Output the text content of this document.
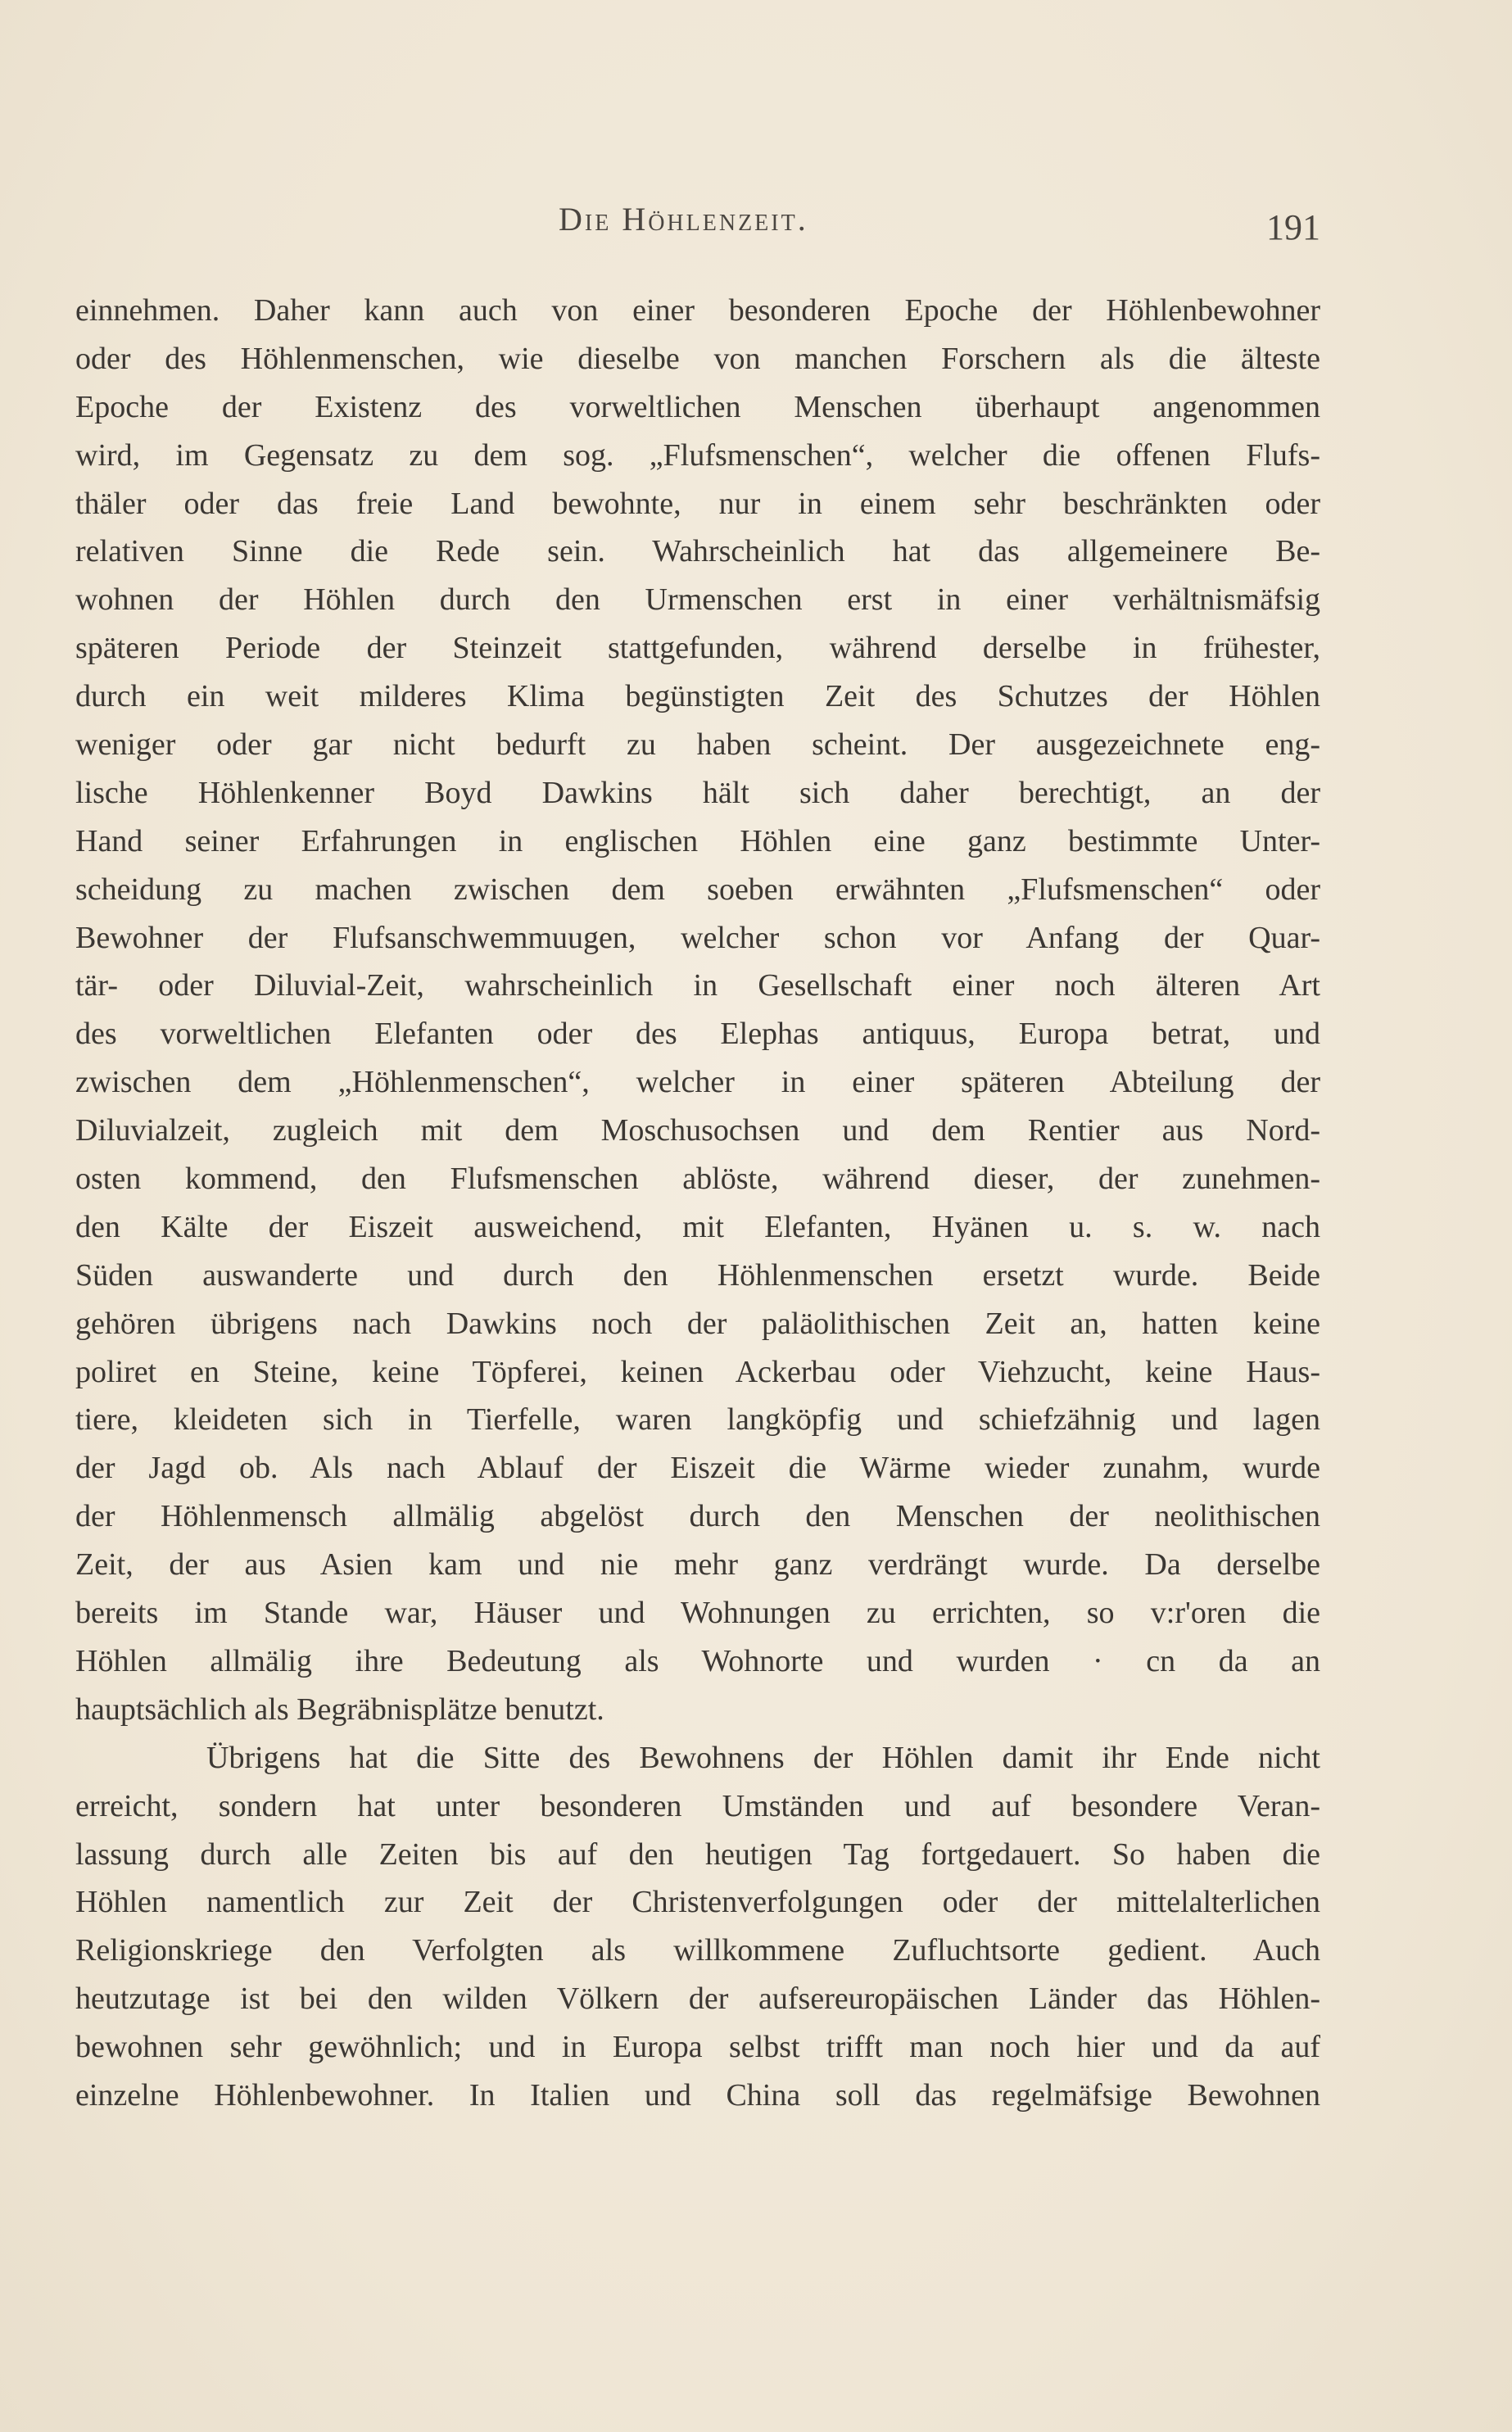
Die Höhlenzeit.	191
einnehmen. Daher kann auch von einer besonderen Epoche der Höhlenbewohner
oder des Höhlenmenschen, wie dieselbe von manchen Forschern als die älteste
Epoche der Existenz des vorweltlichen Menschen überhaupt angenommen
wird, im Gegensatz zu dem sog. „Flufsmenschen“, welcher die offenen Flufs-
thäler oder das freie Land bewohnte, nur in einem sehr beschränkten oder
relativen Sinne die Rede sein. Wahrscheinlich hat das allgemeinere Be-
wohnen der Höhlen durch den Urmenschen erst in einer verhältnismäfsig
späteren Periode der Steinzeit stattgefunden, während derselbe in frühester,
durch ein weit milderes Klima begünstigten Zeit des Schutzes der Höhlen
weniger oder gar nicht bedurft zu haben scheint. Der ausgezeichnete eng-
lische Höhlenkenner Boyd Dawkins hält sich daher berechtigt, an der
Hand seiner Erfahrungen in englischen Höhlen eine ganz bestimmte Unter-
scheidung zu machen zwischen dem soeben erwähnten „Flufsmenschen“ oder
Bewohner der Flufsanschwemmuugen, welcher schon vor Anfang der Quar-
tär- oder Diluvial-Zeit, wahrscheinlich in Gesellschaft einer noch älteren Art
des vorweltlichen Elefanten oder des Elephas antiquus, Europa betrat, und
zwischen dem „Höhlenmenschen“, welcher in einer späteren Abteilung der
Diluvialzeit, zugleich mit dem Moschusochsen und dem Rentier aus Nord-
osten kommend, den Flufsmenschen ablöste, während dieser, der zunehmen-
den Kälte der Eiszeit ausweichend, mit Elefanten, Hyänen u. s. w. nach
Süden auswanderte und durch den Höhlenmenschen ersetzt wurde. Beide
gehören übrigens nach Dawkins noch der paläolithischen Zeit an, hatten keine
poliret en Steine, keine Töpferei, keinen Ackerbau oder Viehzucht, keine Haus-
tiere, kleideten sich in Tierfelle, waren langköpfig und schiefzähnig und lagen
der Jagd ob. Als nach Ablauf der Eiszeit die Wärme wieder zunahm, wurde
der Höhlenmensch allmälig abgelöst durch den Menschen der neolithischen
Zeit, der aus Asien kam und nie mehr ganz verdrängt wurde. Da derselbe
bereits im Stande war, Häuser und Wohnungen zu errichten, so v:r'oren die
Höhlen allmälig ihre Bedeutung als Wohnorte und wurden · cn da an
hauptsächlich als Begräbnisplätze benutzt.
Übrigens hat die Sitte des Bewohnens der Höhlen damit ihr Ende nicht
erreicht, sondern hat unter besonderen Umständen und auf besondere Veran-
lassung durch alle Zeiten bis auf den heutigen Tag fortgedauert. So haben die
Höhlen namentlich zur Zeit der Christenverfolgungen oder der mittelalterlichen
Religionskriege den Verfolgten als willkommene Zufluchtsorte gedient. Auch
heutzutage ist bei den wilden Völkern der aufsereuropäischen Länder das Höhlen-
bewohnen sehr gewöhnlich; und in Europa selbst trifft man noch hier und da auf
einzelne Höhlenbewohner. In Italien und China soll das regelmäfsige Bewohnen
